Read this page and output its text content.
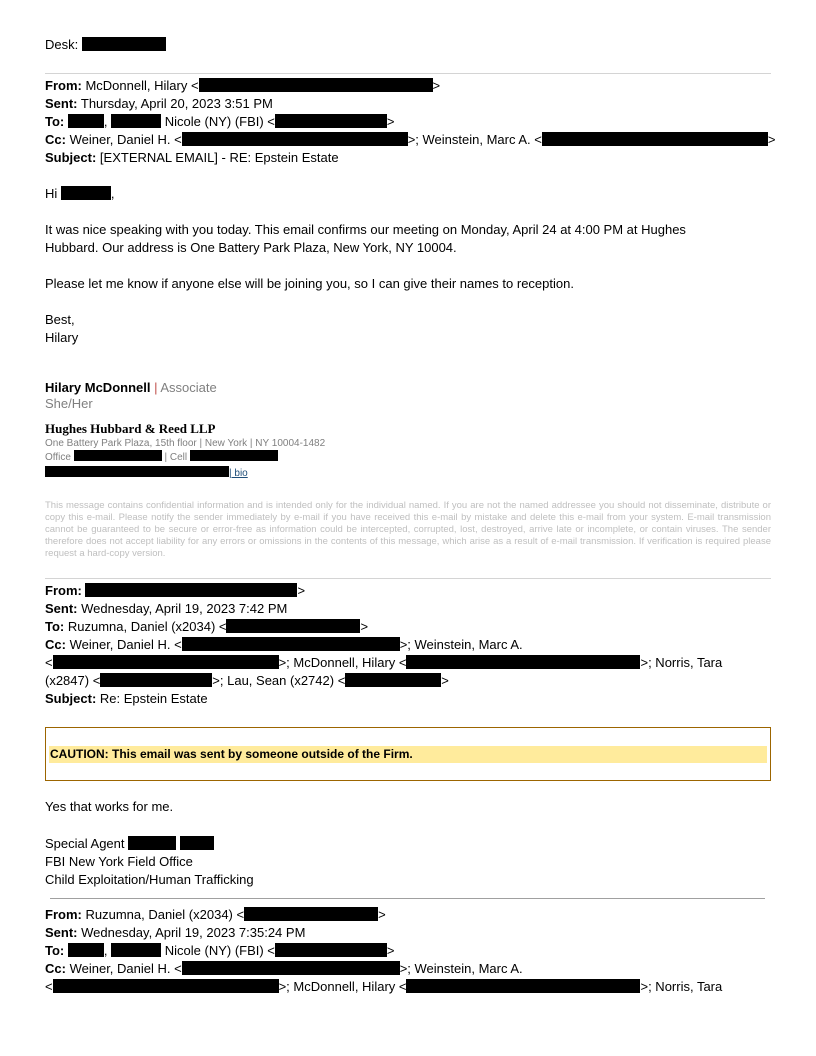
Desk:
From: McDonnell, Hilary <	>
Sent: Thursday, April 20, 2023 3:51 PM
To:	,	Nicole (NY) (FBI) <	>
Cc: Weiner, Daniel H. <	>; Weinstein, Marc A. <	>
Subject: [EXTERNAL EMAIL] - RE: Epstein Estate
Hi	,
It was nice speaking with you today. This email confirms our meeting on Monday, April 24 at 4:00 PM at Hughes
Hubbard. Our address is One Battery Park Plaza, New York, NY 10004.
Please let me know if anyone else will be joining you, so I can give their names to reception.
Best,
Hilary
Hilary McDonnell | Associate
She/Her
Hughes Hubbard & Reed LLP
One Battery Park Plaza, 15th floor | New York | NY 10004-1482
Office	| Cell
| bio
This message contains confidential information and is intended only for the individual named. If you are not the named addressee you should not disseminate, distribute or copy this e-mail. Please notify the sender immediately by e-mail if you have received this e-mail by mistake and delete this e-mail from your system. E-mail transmission cannot be guaranteed to be secure or error-free as information could be intercepted, corrupted, lost, destroyed, arrive late or incomplete, or contain viruses. The sender therefore does not accept liability for any errors or omissions in the contents of this message, which arise as a result of e-mail transmission. If verification is required please request a hard-copy version.
From:	>
Sent: Wednesday, April 19, 2023 7:42 PM
To: Ruzumna, Daniel (x2034) <	>
Cc: Weiner, Daniel H. <	>; Weinstein, Marc A.
<	>; McDonnell, Hilary <	>; Norris, Tara
(x2847) <	>; Lau, Sean (x2742) <	>
Subject: Re: Epstein Estate
CAUTION: This email was sent by someone outside of the Firm.
Yes that works for me.
Special Agent
FBI New York Field Office
Child Exploitation/Human Trafficking
From: Ruzumna, Daniel (x2034) <	>
Sent: Wednesday, April 19, 2023 7:35:24 PM
To:	,	Nicole (NY) (FBI) <	>
Cc: Weiner, Daniel H. <	>; Weinstein, Marc A.
<	>; McDonnell, Hilary <	>; Norris, Tara
